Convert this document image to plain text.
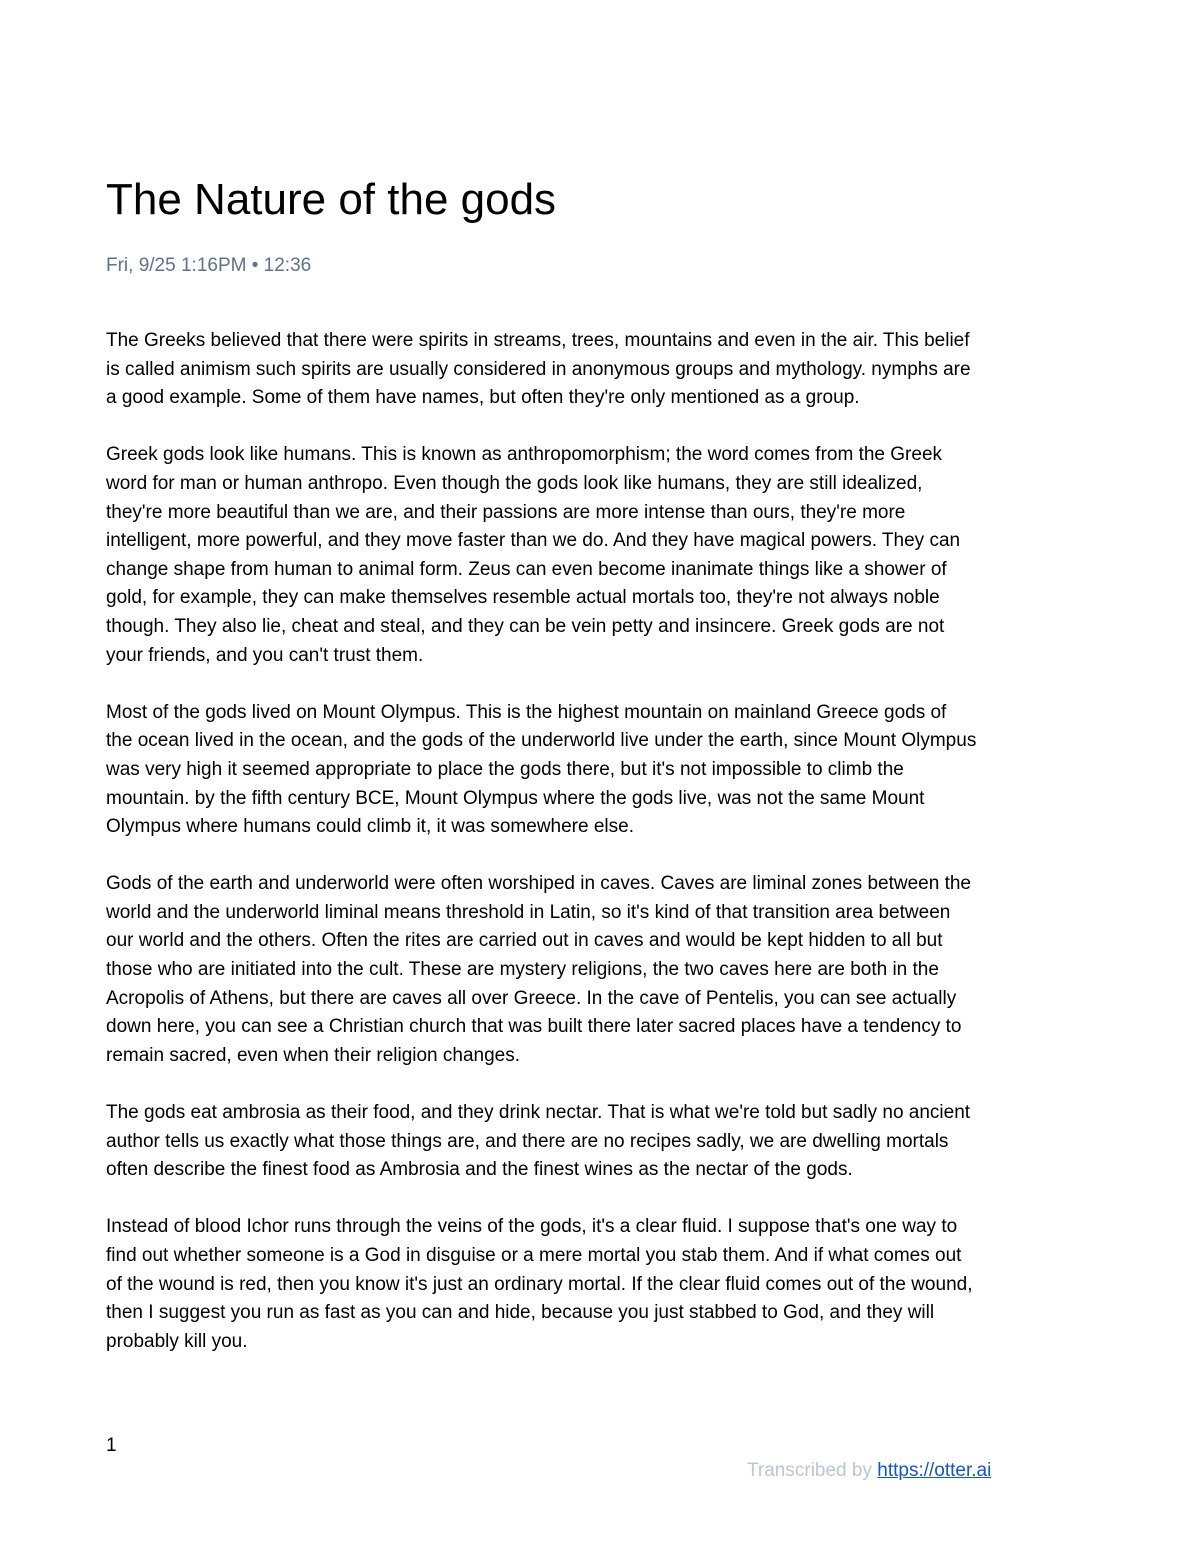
The Nature of the gods

Fri, 9/25 1:16PM • 12:36

The Greeks believed that there were spirits in streams, trees, mountains and even in the air. This belief
is called animism such spirits are usually considered in anonymous groups and mythology. nymphs are
a good example. Some of them have names, but often they're only mentioned as a group.

Greek gods look like humans. This is known as anthropomorphism; the word comes from the Greek
word for man or human anthropo. Even though the gods look like humans, they are still idealized,
they're more beautiful than we are, and their passions are more intense than ours, they're more
intelligent, more powerful, and they move faster than we do. And they have magical powers. They can
change shape from human to animal form. Zeus can even become inanimate things like a shower of
gold, for example, they can make themselves resemble actual mortals too, they're not always noble
though. They also lie, cheat and steal, and they can be vein petty and insincere. Greek gods are not
your friends, and you can't trust them.

Most of the gods lived on Mount Olympus. This is the highest mountain on mainland Greece gods of
the ocean lived in the ocean, and the gods of the underworld live under the earth, since Mount Olympus
was very high it seemed appropriate to place the gods there, but it's not impossible to climb the
mountain. by the fifth century BCE, Mount Olympus where the gods live, was not the same Mount
Olympus where humans could climb it, it was somewhere else.

Gods of the earth and underworld were often worshiped in caves. Caves are liminal zones between the
world and the underworld liminal means threshold in Latin, so it's kind of that transition area between
our world and the others. Often the rites are carried out in caves and would be kept hidden to all but
those who are initiated into the cult. These are mystery religions, the two caves here are both in the
Acropolis of Athens, but there are caves all over Greece. In the cave of Pentelis, you can see actually
down here, you can see a Christian church that was built there later sacred places have a tendency to
remain sacred, even when their religion changes.

The gods eat ambrosia as their food, and they drink nectar. That is what we're told but sadly no ancient
author tells us exactly what those things are, and there are no recipes sadly, we are dwelling mortals
often describe the finest food as Ambrosia and the finest wines as the nectar of the gods.

Instead of blood Ichor runs through the veins of the gods, it's a clear fluid. I suppose that's one way to
find out whether someone is a God in disguise or a mere mortal you stab them. And if what comes out
of the wound is red, then you know it's just an ordinary mortal. If the clear fluid comes out of the wound,
then I suggest you run as fast as you can and hide, because you just stabbed to God, and they will
probably kill you.

1

Transcribed by https://otter.ai
